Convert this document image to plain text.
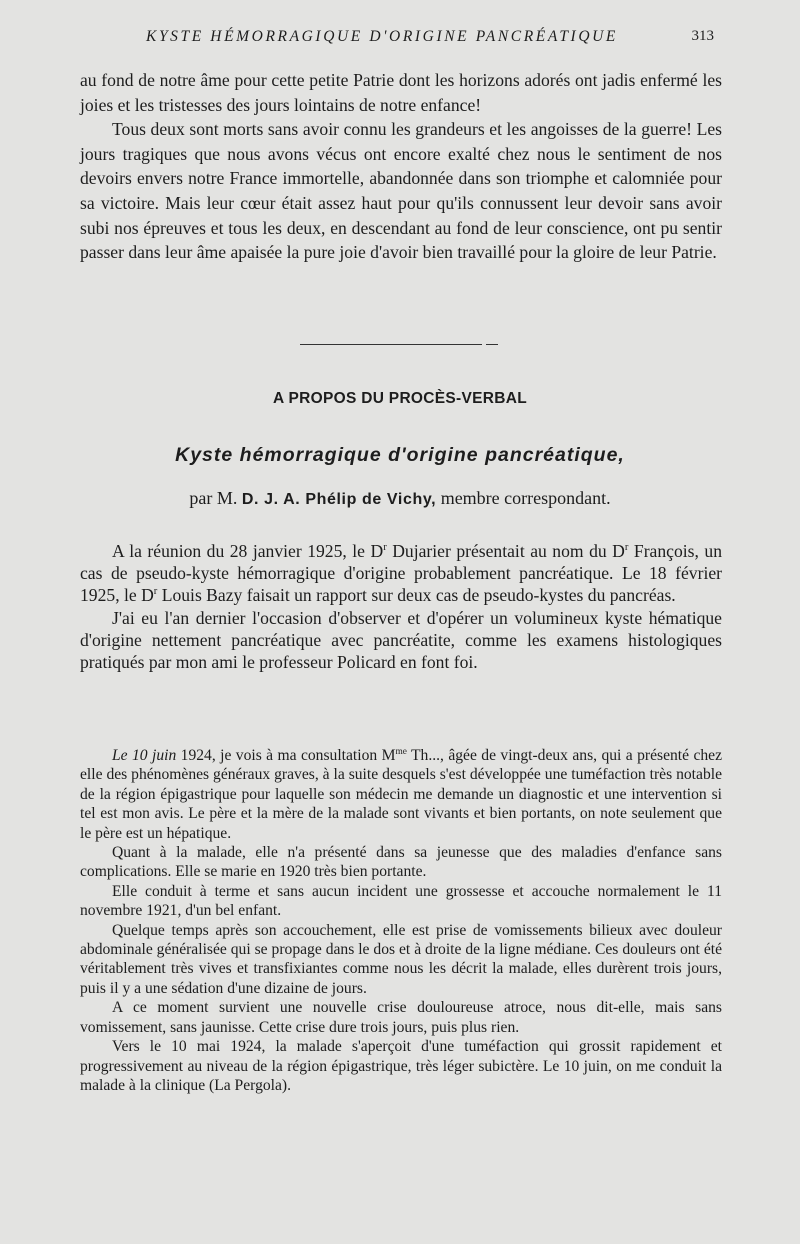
KYSTE HÉMORRAGIQUE D'ORIGINE PANCRÉATIQUE	313

au fond de notre âme pour cette petite Patrie dont les horizons adorés ont jadis enfermé les joies et les tristesses des jours lointains de notre enfance!

Tous deux sont morts sans avoir connu les grandeurs et les angoisses de la guerre! Les jours tragiques que nous avons vécus ont encore exalté chez nous le sentiment de nos devoirs envers notre France immortelle, abandonnée dans son triomphe et calomniée pour sa victoire. Mais leur cœur était assez haut pour qu'ils connussent leur devoir sans avoir subi nos épreuves et tous les deux, en descendant au fond de leur conscience, ont pu sentir passer dans leur âme apaisée la pure joie d'avoir bien travaillé pour la gloire de leur Patrie.

A PROPOS DU PROCÈS-VERBAL
Kyste hémorragique d'origine pancréatique,
par M. D. J. A. Phélip de Vichy, membre correspondant.

A la réunion du 28 janvier 1925, le $D^r$ Dujarier présentait au nom du $D^r$ François, un cas de pseudo-kyste hémorragique d'origine probablement pancréatique. Le 18 février 1925, le $D^r$ Louis Bazy faisait un rapport sur deux cas de pseudo-kystes du pancréas.

J'ai eu l'an dernier l'occasion d'observer et d'opérer un volumineux kyste hématique d'origine nettement pancréatique avec pancréatite, comme les examens histologiques pratiqués par mon ami le professeur Policard en font foi.

Le 10 juin 1924, je vois à ma consultation $M^{me}$ Th..., âgée de vingt-deux ans, qui a présenté chez elle des phénomènes généraux graves, à la suite desquels s'est développée une tuméfaction très notable de la région épigastrique pour laquelle son médecin me demande un diagnostic et une intervention si tel est mon avis. Le père et la mère de la malade sont vivants et bien portants, on note seulement que le père est un hépatique.

Quant à la malade, elle n'a présenté dans sa jeunesse que des maladies d'enfance sans complications. Elle se marie en 1920 très bien portante.

Elle conduit à terme et sans aucun incident une grossesse et accouche normalement le 11 novembre 1921, d'un bel enfant.

Quelque temps après son accouchement, elle est prise de vomissements bilieux avec douleur abdominale généralisée qui se propage dans le dos et à droite de la ligne médiane. Ces douleurs ont été véritablement très vives et transfixiantes comme nous les décrit la malade, elles durèrent trois jours, puis il y a une sédation d'une dizaine de jours.

A ce moment survient une nouvelle crise douloureuse atroce, nous dit-elle, mais sans vomissement, sans jaunisse. Cette crise dure trois jours, puis plus rien.

Vers le 10 mai 1924, la malade s'aperçoit d'une tuméfaction qui grossit rapidement et progressivement au niveau de la région épigastrique, très léger subictère. Le 10 juin, on me conduit la malade à la clinique (La Pergola).
